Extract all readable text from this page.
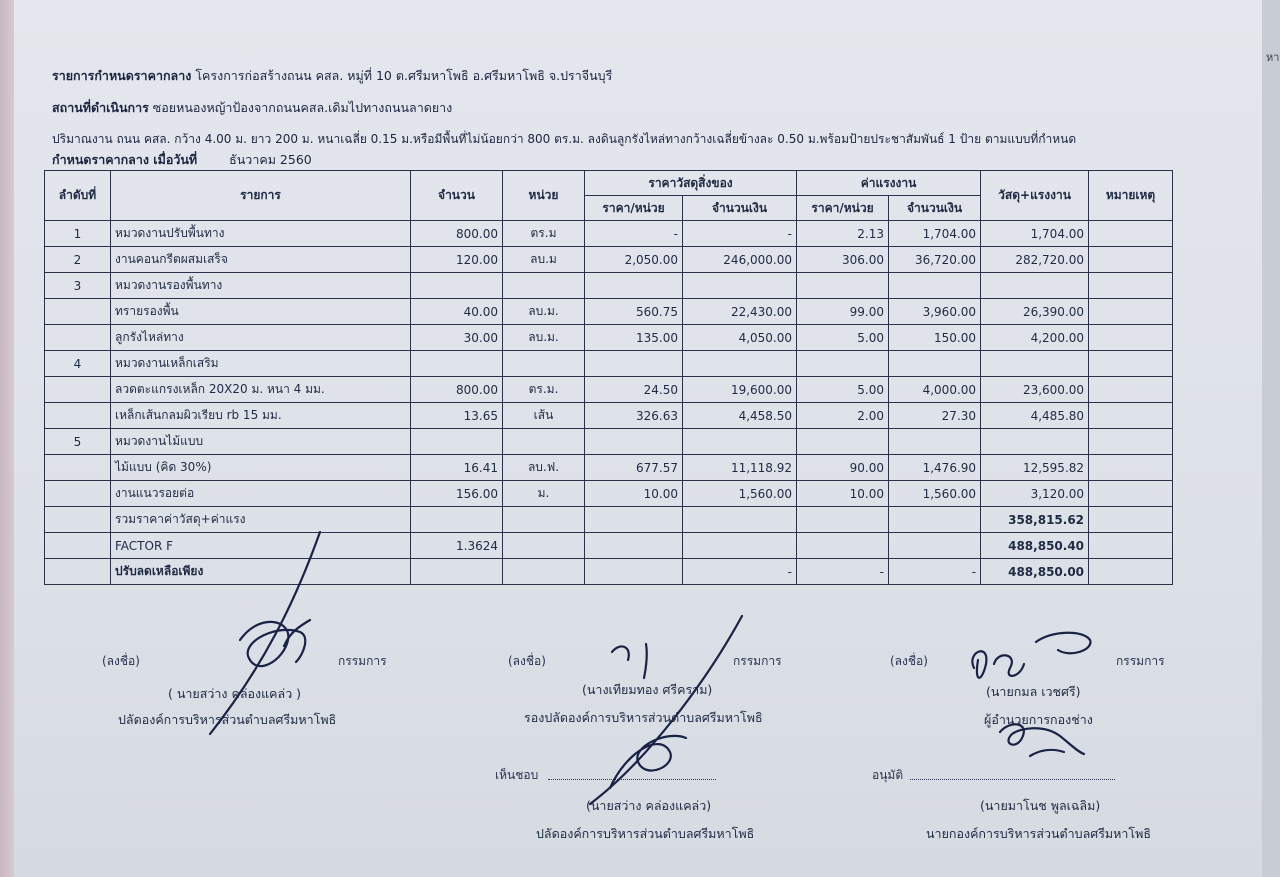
หา
รายการกำหนดราคากลาง โครงการก่อสร้างถนน คสล. หมู่ที่ 10 ต.ศรีมหาโพธิ อ.ศรีมหาโพธิ จ.ปราจีนบุรี
สถานที่ดำเนินการ ซอยหนองหญ้าป้องจากถนนคสล.เดิมไปทางถนนลาดยาง
ปริมาณงาน ถนน คสล. กว้าง 4.00 ม. ยาว 200 ม. หนาเฉลี่ย 0.15 ม.หรือมีพื้นที่ไม่น้อยกว่า 800 ตร.ม. ลงดินลูกรังไหล่ทางกว้างเฉลี่ยข้างละ 0.50 ม.พร้อมป้ายประชาสัมพันธ์ 1 ป้าย ตามแบบที่กำหนด
กำหนดราคากลาง เมื่อวันที่	ธันวาคม 2560
ลำดับที่	รายการ	จำนวน	หน่วย	ราคาวัสดุสิ่งของ		ค่าแรงงาน		วัสดุ+แรงงาน	หมายเหตุ
				ราคา/หน่วย	จำนวนเงิน	ราคา/หน่วย	จำนวนเงิน		
1	หมวดงานปรับพื้นทาง	800.00	ตร.ม	-	-	2.13	1,704.00	1,704.00	
2	งานคอนกรีตผสมเสร็จ	120.00	ลบ.ม	2,050.00	246,000.00	306.00	36,720.00	282,720.00	
3	หมวดงานรองพื้นทาง								
	ทรายรองพื้น	40.00	ลบ.ม.	560.75	22,430.00	99.00	3,960.00	26,390.00	
	ลูกรังไหล่ทาง	30.00	ลบ.ม.	135.00	4,050.00	5.00	150.00	4,200.00	
4	หมวดงานเหล็กเสริม								
	ลวดตะแกรงเหล็ก 20X20 ม. หนา 4 มม.	800.00	ตร.ม.	24.50	19,600.00	5.00	4,000.00	23,600.00	
	เหล็กเส้นกลมผิวเรียบ rb 15 มม.	13.65	เส้น	326.63	4,458.50	2.00	27.30	4,485.80	
5	หมวดงานไม้แบบ								
	ไม้แบบ (คิด 30%)	16.41	ลบ.ฟ.	677.57	11,118.92	90.00	1,476.90	12,595.82	
	งานแนวรอยต่อ	156.00	ม.	10.00	1,560.00	10.00	1,560.00	3,120.00	
	รวมราคาค่าวัสดุ+ค่าแรง							358,815.62	
	FACTOR F	1.3624						488,850.40	
	ปรับลดเหลือเพียง				-	-	-	488,850.00	
(ลงชื่อ)	กรรมการ
( นายสว่าง คล่องแคล่ว )
ปลัดองค์การบริหารส่วนตำบลศรีมหาโพธิ
(ลงชื่อ)	กรรมการ
(นางเทียมทอง ศรีคราม)
รองปลัดองค์การบริหารส่วนตำบลศรีมหาโพธิ
(ลงชื่อ)	กรรมการ
(นายกมล เวชศรี)
ผู้อำนวยการกองช่าง
เห็นชอบ
(นายสว่าง คล่องแคล่ว)
ปลัดองค์การบริหารส่วนตำบลศรีมหาโพธิ
อนุมัติ
(นายมาโนช พูลเฉลิม)
นายกองค์การบริหารส่วนตำบลศรีมหาโพธิ
